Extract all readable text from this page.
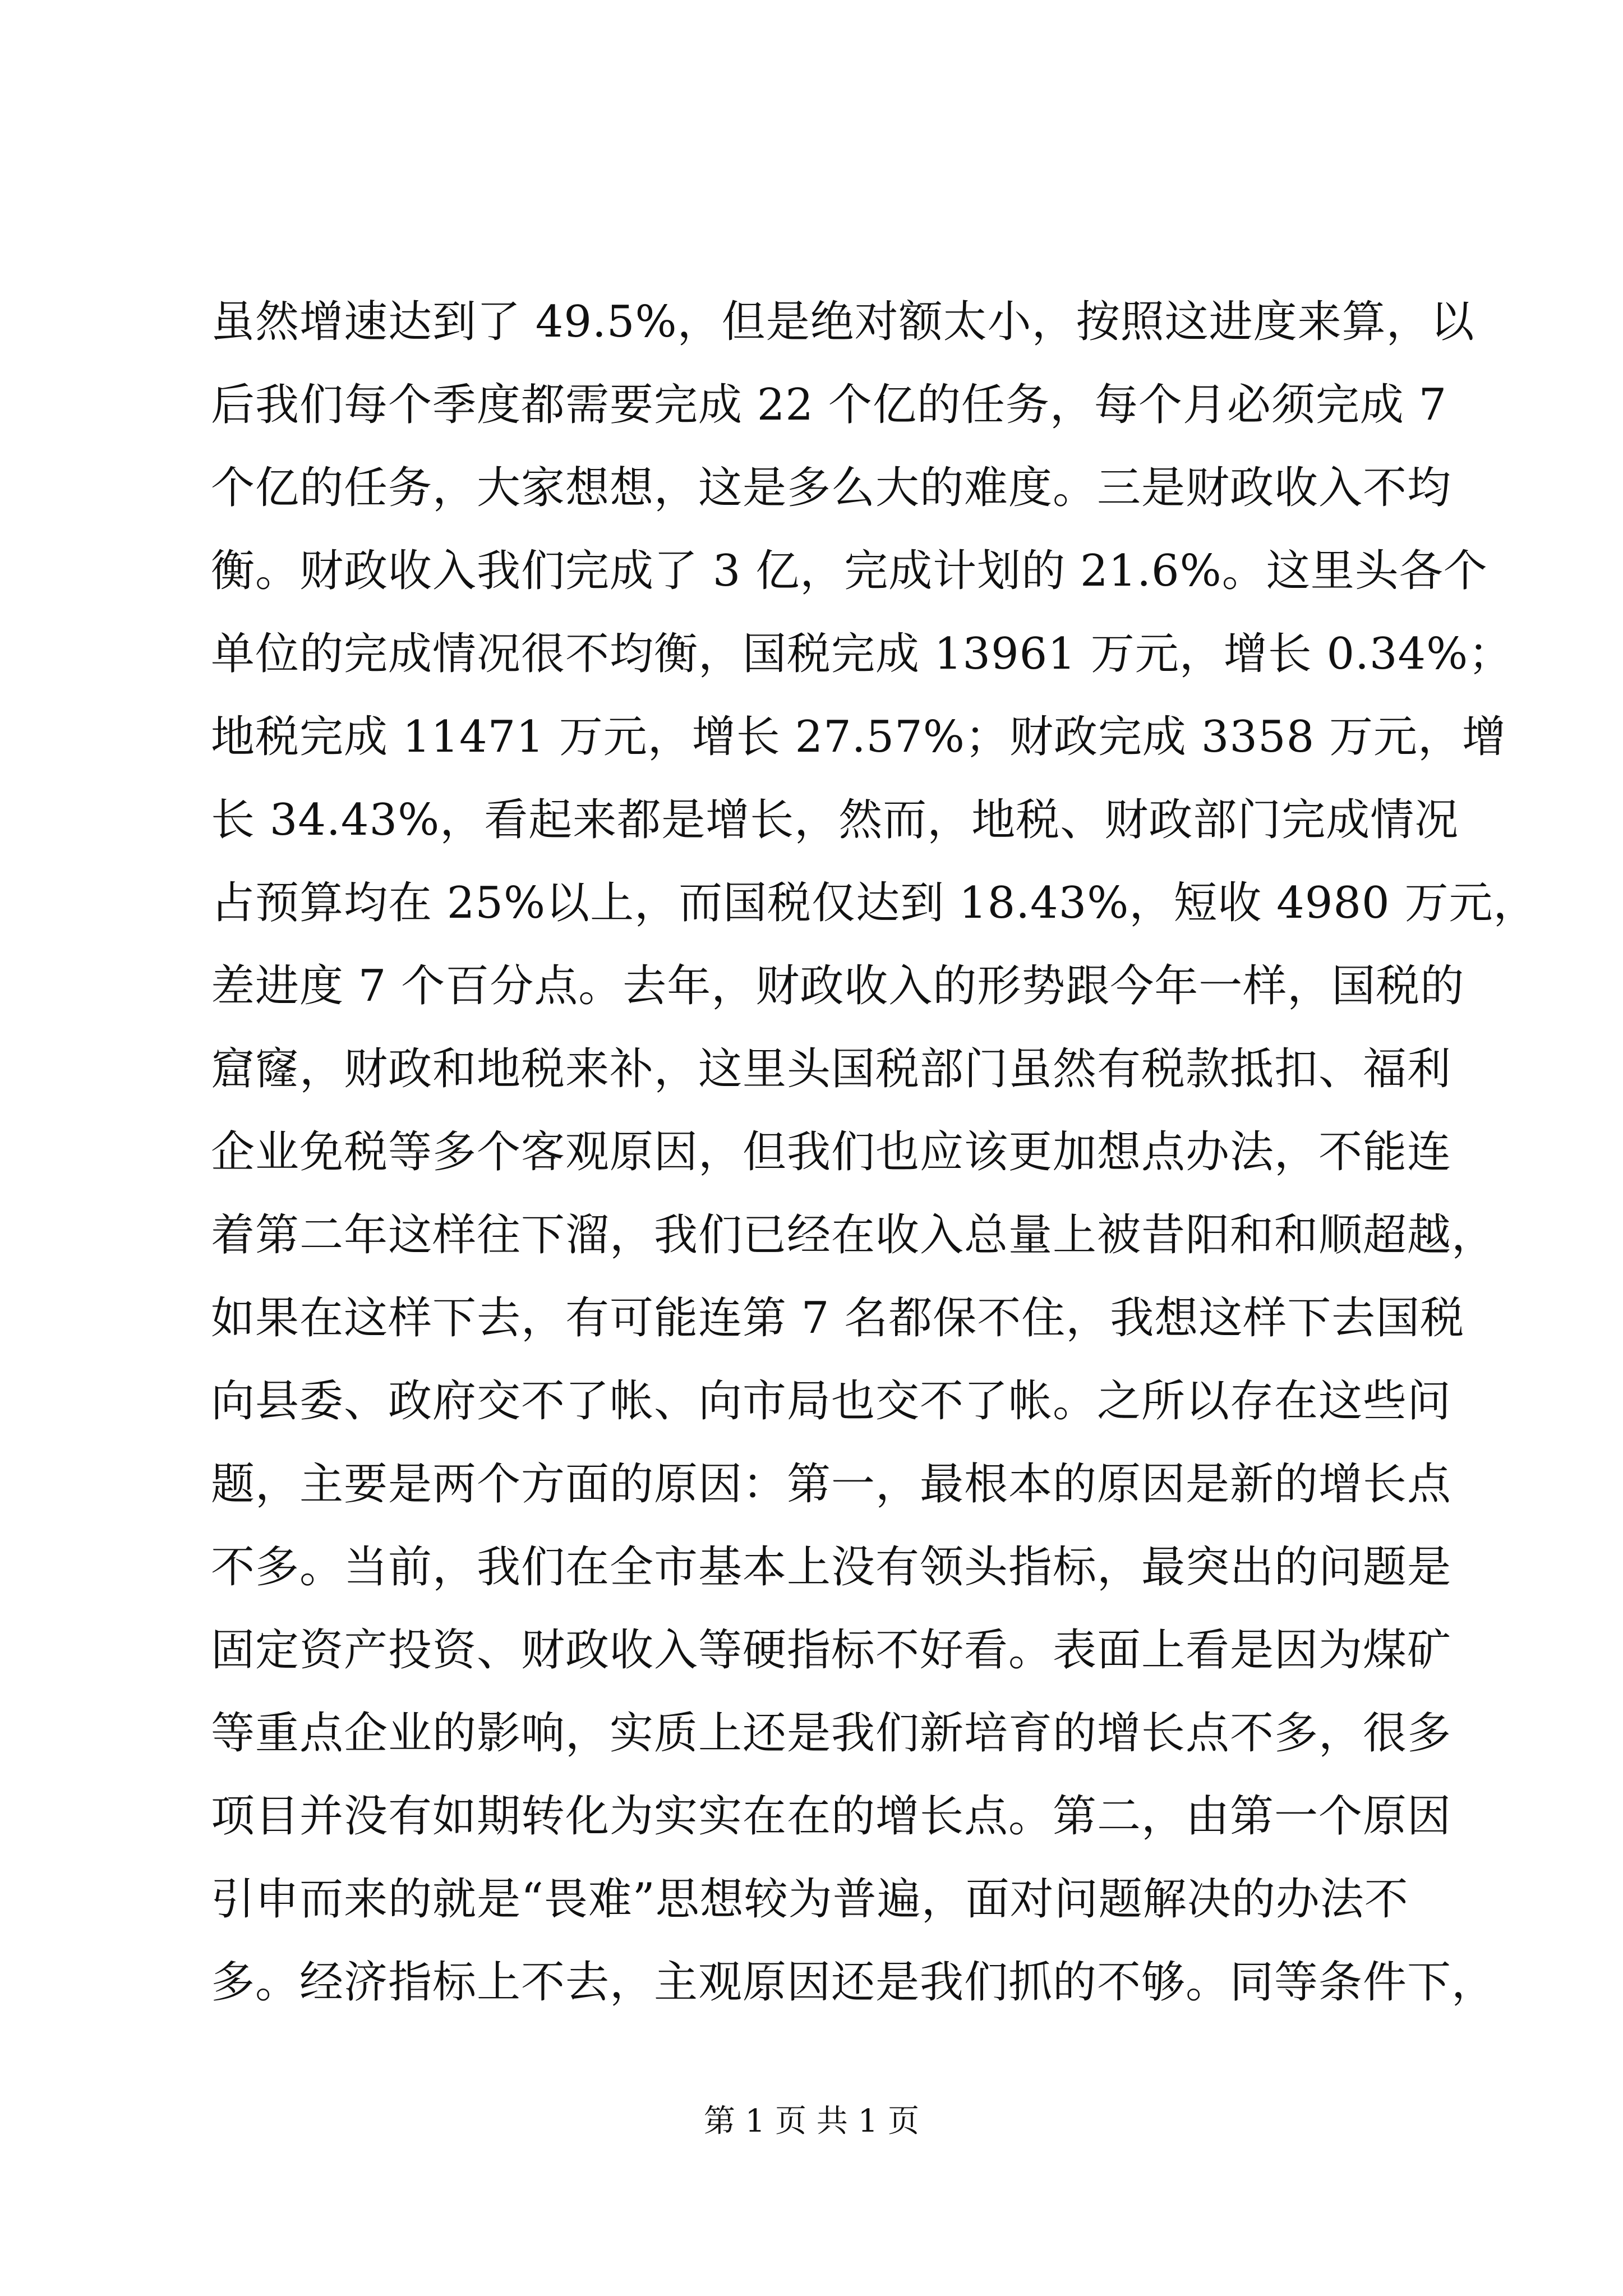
虽然增速达到了 49.5%，但是绝对额太小，按照这进度来算，以
后我们每个季度都需要完成 22 个亿的任务，每个月必须完成 7
个亿的任务，大家想想，这是多么大的难度。三是财政收入不均
衡。财政收入我们完成了 3 亿，完成计划的 21.6%。这里头各个
单位的完成情况很不均衡，国税完成 13961 万元，增长 0.34%；
地税完成 11471 万元，增长 27.57%；财政完成 3358 万元，增
长 34.43%，看起来都是增长，然而，地税、财政部门完成情况
占预算均在 25%以上，而国税仅达到 18.43%，短收 4980 万元，
差进度 7 个百分点。去年，财政收入的形势跟今年一样，国税的
窟窿，财政和地税来补，这里头国税部门虽然有税款抵扣、福利
企业免税等多个客观原因，但我们也应该更加想点办法，不能连
着第二年这样往下溜，我们已经在收入总量上被昔阳和和顺超越，
如果在这样下去，有可能连第 7 名都保不住，我想这样下去国税
向县委、政府交不了帐、向市局也交不了帐。之所以存在这些问
题，主要是两个方面的原因：第一，最根本的原因是新的增长点
不多。当前，我们在全市基本上没有领头指标，最突出的问题是
固定资产投资、财政收入等硬指标不好看。表面上看是因为煤矿
等重点企业的影响，实质上还是我们新培育的增长点不多，很多
项目并没有如期转化为实实在在的增长点。第二，由第一个原因
引申而来的就是“畏难”思想较为普遍，面对问题解决的办法不
多。经济指标上不去，主观原因还是我们抓的不够。同等条件下，
第 1 页 共 1 页
